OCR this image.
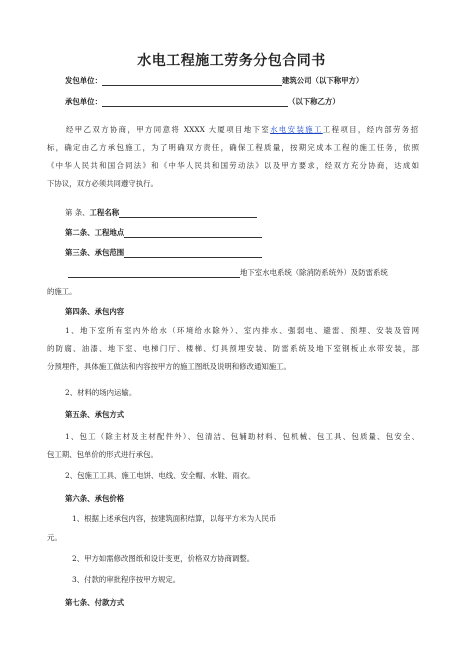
水电工程施工劳务分包合同书
发包单位：	建筑公司（以下称甲方）
承包单位：	（以下称乙方）
经甲乙双方协商，甲方同意将 XXXX 大厦项目地下室水电安装施工工程项目，经内部劳务招
标，确定由乙方承包施工，为了明确双方责任，确保工程质量，按期完成本工程的施工任务，依照
《中华人民共和国合同法》和《中华人民共和国劳动法》以及甲方要求，经双方充分协商，达成如
下协议，双方必须共同遵守执行。
第 条、工程名称
第二条、工程地点
第三条、承包范围
地下室水电系统（除消防系统外）及防雷系统
的施工。
第四条、承包内容
1、地下室所有室内外给水（环境给水除外）、室内排水、强弱电、避雷、预埋、安装及管网
的防腐、油漆、地下室、电梯门厅、楼梯、灯具预埋安装、防雷系统及地下室钢板止水带安装，部
分预埋件，具体施工做法和内容按甲方的施工图纸及说明和修改通知施工。
2、材料的场内运输。
第五条、承包方式
1、包工（除主材及主材配件外）、包清洁、包辅助材料、包机械、包工具、包质量、包安全、
包工期、包单价的形式进行承包。
2、包施工工具、施工电饼、电线、安全帽、水鞋、雨衣。
第六条、承包价格
1、根据上述承包内容，按建筑面积结算，以每平方米为人民币
元。
2、甲方如需修改图纸和设计变更，价格双方协商调整。
3、付款的审批程序按甲方规定。
第七条、付款方式
